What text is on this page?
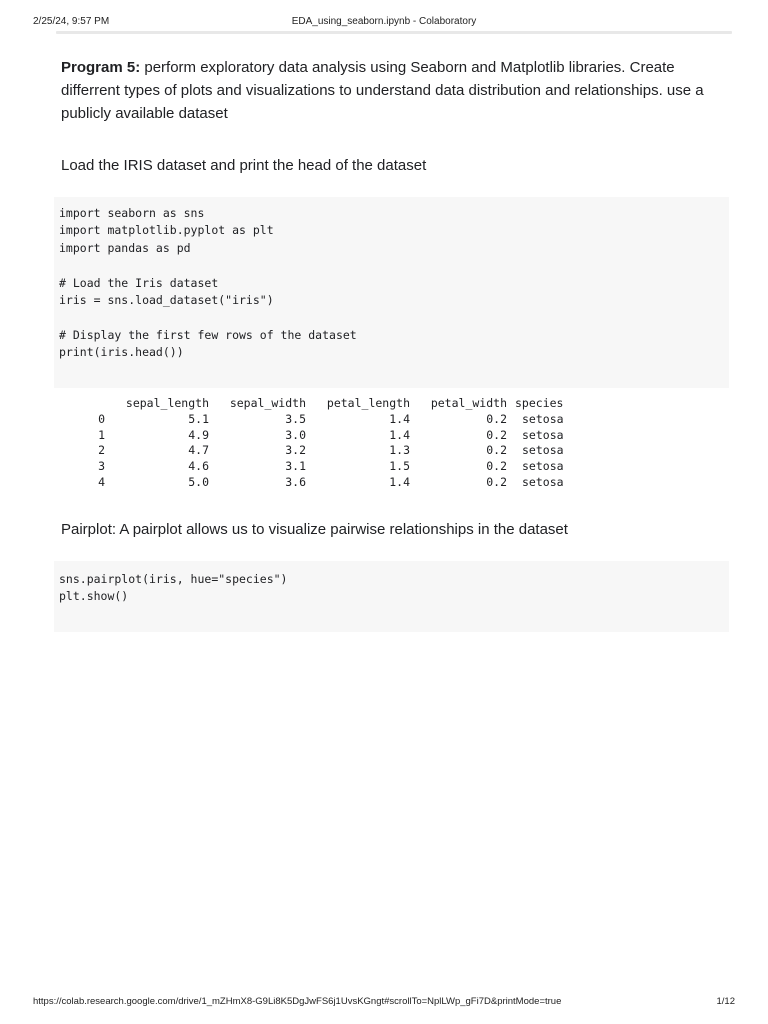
2/25/24, 9:57 PM	EDA_using_seaborn.ipynb - Colaboratory
Program 5: perform exploratory data analysis using Seaborn and Matplotlib libraries. Create differrent types of plots and visualizations to understand data distribution and relationships. use a publicly available dataset
Load the IRIS dataset and print the head of the dataset
import seaborn as sns
import matplotlib.pyplot as plt
import pandas as pd

# Load the Iris dataset
iris = sns.load_dataset("iris")

# Display the first few rows of the dataset
print(iris.head())
	sepal_length	sepal_width	petal_length	petal_width	species
0	5.1	3.5	1.4	0.2	setosa
1	4.9	3.0	1.4	0.2	setosa
2	4.7	3.2	1.3	0.2	setosa
3	4.6	3.1	1.5	0.2	setosa
4	5.0	3.6	1.4	0.2	setosa
Pairplot: A pairplot allows us to visualize pairwise relationships in the dataset
sns.pairplot(iris, hue="species")
plt.show()
https://colab.research.google.com/drive/1_mZHmX8-G9Li8K5DgJwFS6j1UvsKGngt#scrollTo=NplLWp_gFi7D&printMode=true	1/12
